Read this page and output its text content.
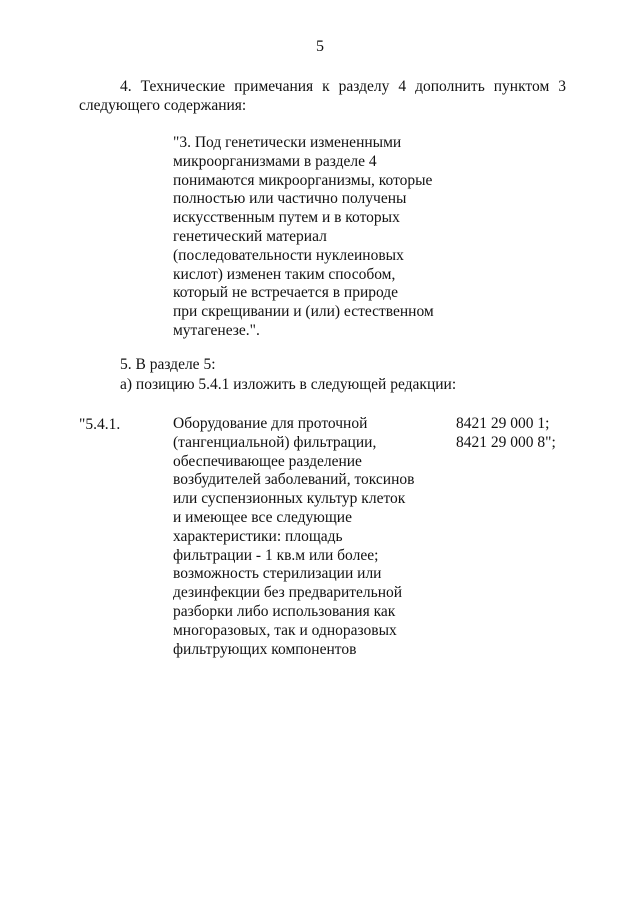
5
4. Технические примечания к разделу 4 дополнить пунктом 3
следующего содержания:
"3. Под генетически измененными
микроорганизмами в разделе 4
понимаются микроорганизмы, которые
полностью или частично получены
искусственным путем и в которых
генетический материал
(последовательности нуклеиновых
кислот) изменен таким способом,
который не встречается в природе
при скрещивании и (или) естественном
мутагенезе.".
5. В разделе 5:
а) позицию 5.4.1 изложить в следующей редакции:
"5.4.1.	Оборудование для проточной
(тангенциальной) фильтрации,
обеспечивающее разделение
возбудителей заболеваний, токсинов
или суспензионных культур клеток
и имеющее все следующие
характеристики: площадь
фильтрации - 1 кв.м или более;
возможность стерилизации или
дезинфекции без предварительной
разборки либо использования как
многоразовых, так и одноразовых
фильтрующих компонентов
8421 29 000 1;
8421 29 000 8";
